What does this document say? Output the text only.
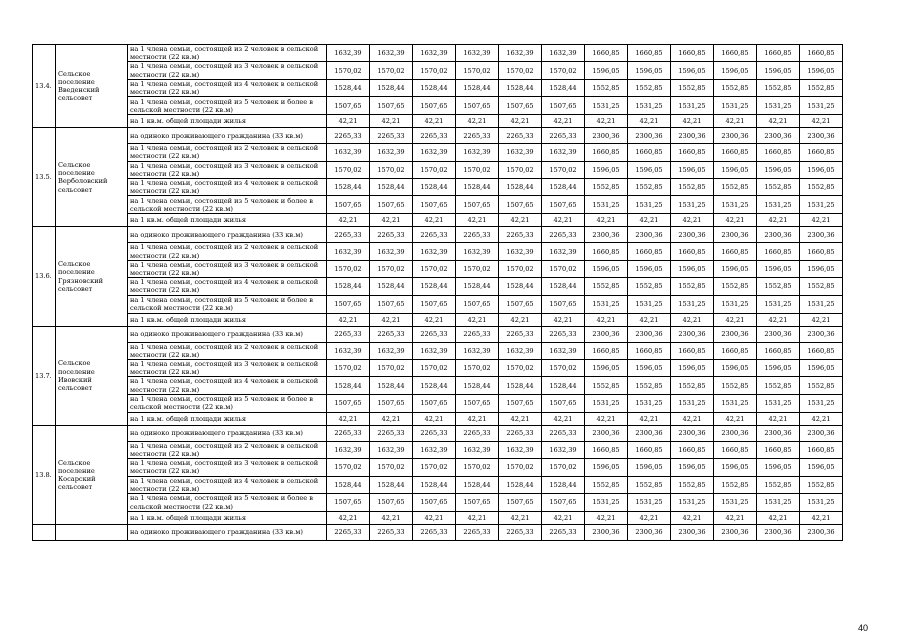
13.4.	Сельское поселение Введенский сельсовет	на 1 члена семьи, состоящей из 2 человек в сельской местности (22 кв.м)	1632,39	1632,39	1632,39	1632,39	1632,39	1632,39	1660,85	1660,85	1660,85	1660,85	1660,85	1660,85
		на 1 члена семьи, состоящей из 3 человек в сельской местности (22 кв.м)	1570,02	1570,02	1570,02	1570,02	1570,02	1570,02	1596,05	1596,05	1596,05	1596,05	1596,05	1596,05
		на 1 члена семьи, состоящей из 4 человек в сельской местности (22 кв.м)	1528,44	1528,44	1528,44	1528,44	1528,44	1528,44	1552,85	1552,85	1552,85	1552,85	1552,85	1552,85
		на 1 члена семьи, состоящей из 5 человек и более в сельской местности (22 кв.м)	1507,65	1507,65	1507,65	1507,65	1507,65	1507,65	1531,25	1531,25	1531,25	1531,25	1531,25	1531,25
		на 1 кв.м. общей площади жилья	42,21	42,21	42,21	42,21	42,21	42,21	42,21	42,21	42,21	42,21	42,21	42,21
13.5.	Сельское поселение Верболовский сельсовет	на одиноко проживающего гражданина (33 кв.м)	2265,33	2265,33	2265,33	2265,33	2265,33	2265,33	2300,36	2300,36	2300,36	2300,36	2300,36	2300,36
		на 1 члена семьи, состоящей из 2 человек в сельской местности (22 кв.м)	1632,39	1632,39	1632,39	1632,39	1632,39	1632,39	1660,85	1660,85	1660,85	1660,85	1660,85	1660,85
		на 1 члена семьи, состоящей из 3 человек в сельской местности (22 кв.м)	1570,02	1570,02	1570,02	1570,02	1570,02	1570,02	1596,05	1596,05	1596,05	1596,05	1596,05	1596,05
		на 1 члена семьи, состоящей из 4 человек в сельской местности (22 кв.м)	1528,44	1528,44	1528,44	1528,44	1528,44	1528,44	1552,85	1552,85	1552,85	1552,85	1552,85	1552,85
		на 1 члена семьи, состоящей из 5 человек и более в сельской местности (22 кв.м)	1507,65	1507,65	1507,65	1507,65	1507,65	1507,65	1531,25	1531,25	1531,25	1531,25	1531,25	1531,25
		на 1 кв.м. общей площади жилья	42,21	42,21	42,21	42,21	42,21	42,21	42,21	42,21	42,21	42,21	42,21	42,21
13.6.	Сельское поселение Грязновский сельсовет	на одиноко проживающего гражданина (33 кв.м)	2265,33	2265,33	2265,33	2265,33	2265,33	2265,33	2300,36	2300,36	2300,36	2300,36	2300,36	2300,36
		на 1 члена семьи, состоящей из 2 человек в сельской местности (22 кв.м)	1632,39	1632,39	1632,39	1632,39	1632,39	1632,39	1660,85	1660,85	1660,85	1660,85	1660,85	1660,85
		на 1 члена семьи, состоящей из 3 человек в сельской местности (22 кв.м)	1570,02	1570,02	1570,02	1570,02	1570,02	1570,02	1596,05	1596,05	1596,05	1596,05	1596,05	1596,05
		на 1 члена семьи, состоящей из 4 человек в сельской местности (22 кв.м)	1528,44	1528,44	1528,44	1528,44	1528,44	1528,44	1552,85	1552,85	1552,85	1552,85	1552,85	1552,85
		на 1 члена семьи, состоящей из 5 человек и более в сельской местности (22 кв.м)	1507,65	1507,65	1507,65	1507,65	1507,65	1507,65	1531,25	1531,25	1531,25	1531,25	1531,25	1531,25
		на 1 кв.м. общей площади жилья	42,21	42,21	42,21	42,21	42,21	42,21	42,21	42,21	42,21	42,21	42,21	42,21
13.7.	Сельское поселение Ивовский сельсовет	на одиноко проживающего гражданина (33 кв.м)	2265,33	2265,33	2265,33	2265,33	2265,33	2265,33	2300,36	2300,36	2300,36	2300,36	2300,36	2300,36
		на 1 члена семьи, состоящей из 2 человек в сельской местности (22 кв.м)	1632,39	1632,39	1632,39	1632,39	1632,39	1632,39	1660,85	1660,85	1660,85	1660,85	1660,85	1660,85
		на 1 члена семьи, состоящей из 3 человек в сельской местности (22 кв.м)	1570,02	1570,02	1570,02	1570,02	1570,02	1570,02	1596,05	1596,05	1596,05	1596,05	1596,05	1596,05
		на 1 члена семьи, состоящей из 4 человек в сельской местности (22 кв.м)	1528,44	1528,44	1528,44	1528,44	1528,44	1528,44	1552,85	1552,85	1552,85	1552,85	1552,85	1552,85
		на 1 члена семьи, состоящей из 5 человек и более в сельской местности (22 кв.м)	1507,65	1507,65	1507,65	1507,65	1507,65	1507,65	1531,25	1531,25	1531,25	1531,25	1531,25	1531,25
		на 1 кв.м. общей площади жилья	42,21	42,21	42,21	42,21	42,21	42,21	42,21	42,21	42,21	42,21	42,21	42,21
13.8.	Сельское поселение Косарский сельсовет	на одиноко проживающего гражданина (33 кв.м)	2265,33	2265,33	2265,33	2265,33	2265,33	2265,33	2300,36	2300,36	2300,36	2300,36	2300,36	2300,36
		на 1 члена семьи, состоящей из 2 человек в сельской местности (22 кв.м)	1632,39	1632,39	1632,39	1632,39	1632,39	1632,39	1660,85	1660,85	1660,85	1660,85	1660,85	1660,85
		на 1 члена семьи, состоящей из 3 человек в сельской местности (22 кв.м)	1570,02	1570,02	1570,02	1570,02	1570,02	1570,02	1596,05	1596,05	1596,05	1596,05	1596,05	1596,05
		на 1 члена семьи, состоящей из 4 человек в сельской местности (22 кв.м)	1528,44	1528,44	1528,44	1528,44	1528,44	1528,44	1552,85	1552,85	1552,85	1552,85	1552,85	1552,85
		на 1 члена семьи, состоящей из 5 человек и более в сельской местности (22 кв.м)	1507,65	1507,65	1507,65	1507,65	1507,65	1507,65	1531,25	1531,25	1531,25	1531,25	1531,25	1531,25
		на 1 кв.м. общей площади жилья	42,21	42,21	42,21	42,21	42,21	42,21	42,21	42,21	42,21	42,21	42,21	42,21
		на одиноко проживающего гражданина (33 кв.м)	2265,33	2265,33	2265,33	2265,33	2265,33	2265,33	2300,36	2300,36	2300,36	2300,36	2300,36	2300,36
40
